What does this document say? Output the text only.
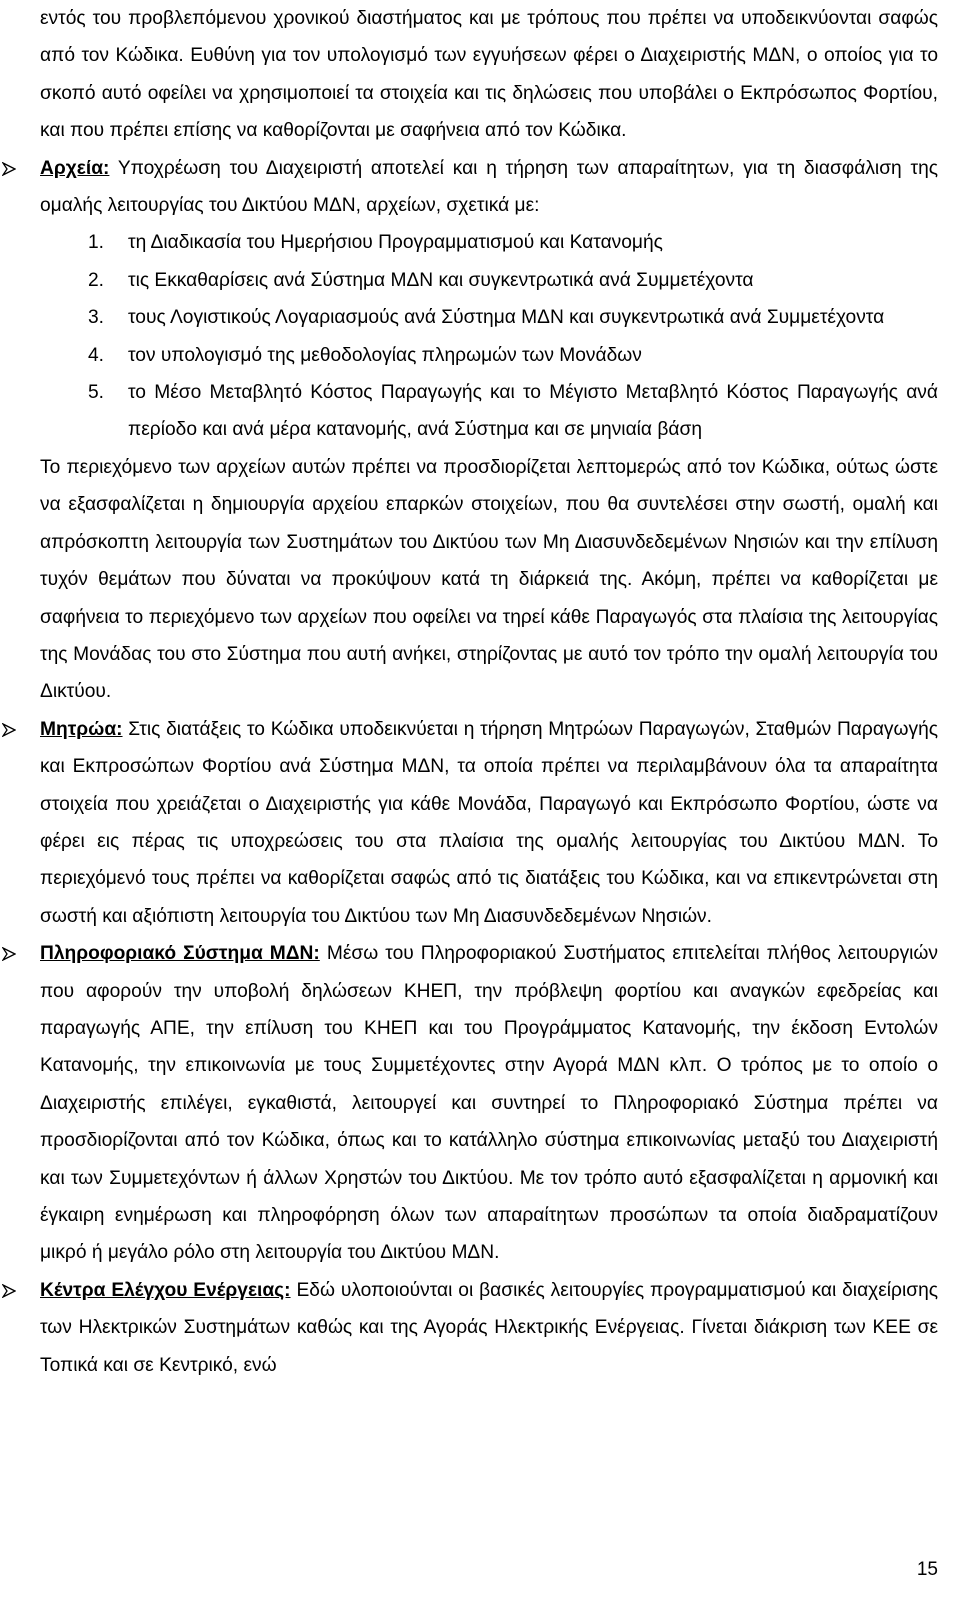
εντός του προβλεπόμενου χρονικού διαστήματος και με τρόπους που πρέπει να υποδεικνύονται σαφώς από τον Κώδικα. Ευθύνη για τον υπολογισμό των εγγυήσεων φέρει ο Διαχειριστής ΜΔΝ, ο οποίος για το σκοπό αυτό οφείλει να χρησιμοποιεί τα στοιχεία και τις δηλώσεις που υποβάλει ο Εκπρόσωπος Φορτίου, και που πρέπει επίσης να καθορίζονται με σαφήνεια από τον Κώδικα.

Αρχεία: Υποχρέωση του Διαχειριστή αποτελεί και η τήρηση των απαραίτητων, για τη διασφάλιση της ομαλής λειτουργίας του Δικτύου ΜΔΝ, αρχείων, σχετικά με:

1. τη Διαδικασία του Ημερήσιου Προγραμματισμού και Κατανομής
2. τις Εκκαθαρίσεις ανά Σύστημα ΜΔΝ και συγκεντρωτικά ανά Συμμετέχοντα
3. τους Λογιστικούς Λογαριασμούς ανά Σύστημα ΜΔΝ και συγκεντρωτικά ανά Συμμετέχοντα
4. τον υπολογισμό της μεθοδολογίας πληρωμών των Μονάδων
5. το Μέσο Μεταβλητό Κόστος Παραγωγής και το Μέγιστο Μεταβλητό Κόστος Παραγωγής ανά περίοδο και ανά μέρα κατανομής, ανά Σύστημα και σε μηνιαία βάση

Το περιεχόμενο των αρχείων αυτών πρέπει να προσδιορίζεται λεπτομερώς από τον Κώδικα, ούτως ώστε να εξασφαλίζεται η δημιουργία αρχείου επαρκών στοιχείων, που θα συντελέσει στην σωστή, ομαλή και απρόσκοπτη λειτουργία των Συστημάτων του Δικτύου των Μη Διασυνδεδεμένων Νησιών και την επίλυση τυχόν θεμάτων που δύναται να προκύψουν κατά τη διάρκειά της. Ακόμη, πρέπει να καθορίζεται με σαφήνεια το περιεχόμενο των αρχείων που οφείλει να τηρεί κάθε Παραγωγός στα πλαίσια της λειτουργίας της Μονάδας του στο Σύστημα που αυτή ανήκει, στηρίζοντας με αυτό τον τρόπο την ομαλή λειτουργία του Δικτύου.

Μητρώα: Στις διατάξεις το Κώδικα υποδεικνύεται η τήρηση Μητρώων Παραγωγών, Σταθμών Παραγωγής και Εκπροσώπων Φορτίου ανά Σύστημα ΜΔΝ, τα οποία πρέπει να περιλαμβάνουν όλα τα απαραίτητα στοιχεία που χρειάζεται ο Διαχειριστής για κάθε Μονάδα, Παραγωγό και Εκπρόσωπο Φορτίου, ώστε να φέρει εις πέρας τις υποχρεώσεις του στα πλαίσια της ομαλής λειτουργίας του Δικτύου ΜΔΝ. Το περιεχόμενό τους πρέπει να καθορίζεται σαφώς από τις διατάξεις του Κώδικα, και να επικεντρώνεται στη σωστή και αξιόπιστη λειτουργία του Δικτύου των Μη Διασυνδεδεμένων Νησιών.

Πληροφοριακό Σύστημα ΜΔΝ: Μέσω του Πληροφοριακού Συστήματος επιτελείται πλήθος λειτουργιών που αφορούν την υποβολή δηλώσεων ΚΗΕΠ, την πρόβλεψη φορτίου και αναγκών εφεδρείας και παραγωγής ΑΠΕ, την επίλυση του ΚΗΕΠ και του Προγράμματος Κατανομής, την έκδοση Εντολών Κατανομής, την επικοινωνία με τους Συμμετέχοντες στην Αγορά ΜΔΝ κλπ. Ο τρόπος με το οποίο ο Διαχειριστής επιλέγει, εγκαθιστά, λειτουργεί και συντηρεί το Πληροφοριακό Σύστημα πρέπει να προσδιορίζονται από τον Κώδικα, όπως και το κατάλληλο σύστημα επικοινωνίας μεταξύ του Διαχειριστή και των Συμμετεχόντων ή άλλων Χρηστών του Δικτύου. Με τον τρόπο αυτό εξασφαλίζεται η αρμονική και έγκαιρη ενημέρωση και πληροφόρηση όλων των απαραίτητων προσώπων τα οποία διαδραματίζουν μικρό ή μεγάλο ρόλο στη λειτουργία του Δικτύου ΜΔΝ.

Κέντρα Ελέγχου Ενέργειας: Εδώ υλοποιούνται οι βασικές λειτουργίες προγραμματισμού και διαχείρισης των Ηλεκτρικών Συστημάτων καθώς και της Αγοράς Ηλεκτρικής Ενέργειας. Γίνεται διάκριση των ΚΕΕ σε Τοπικά και σε Κεντρικό, ενώ

15
